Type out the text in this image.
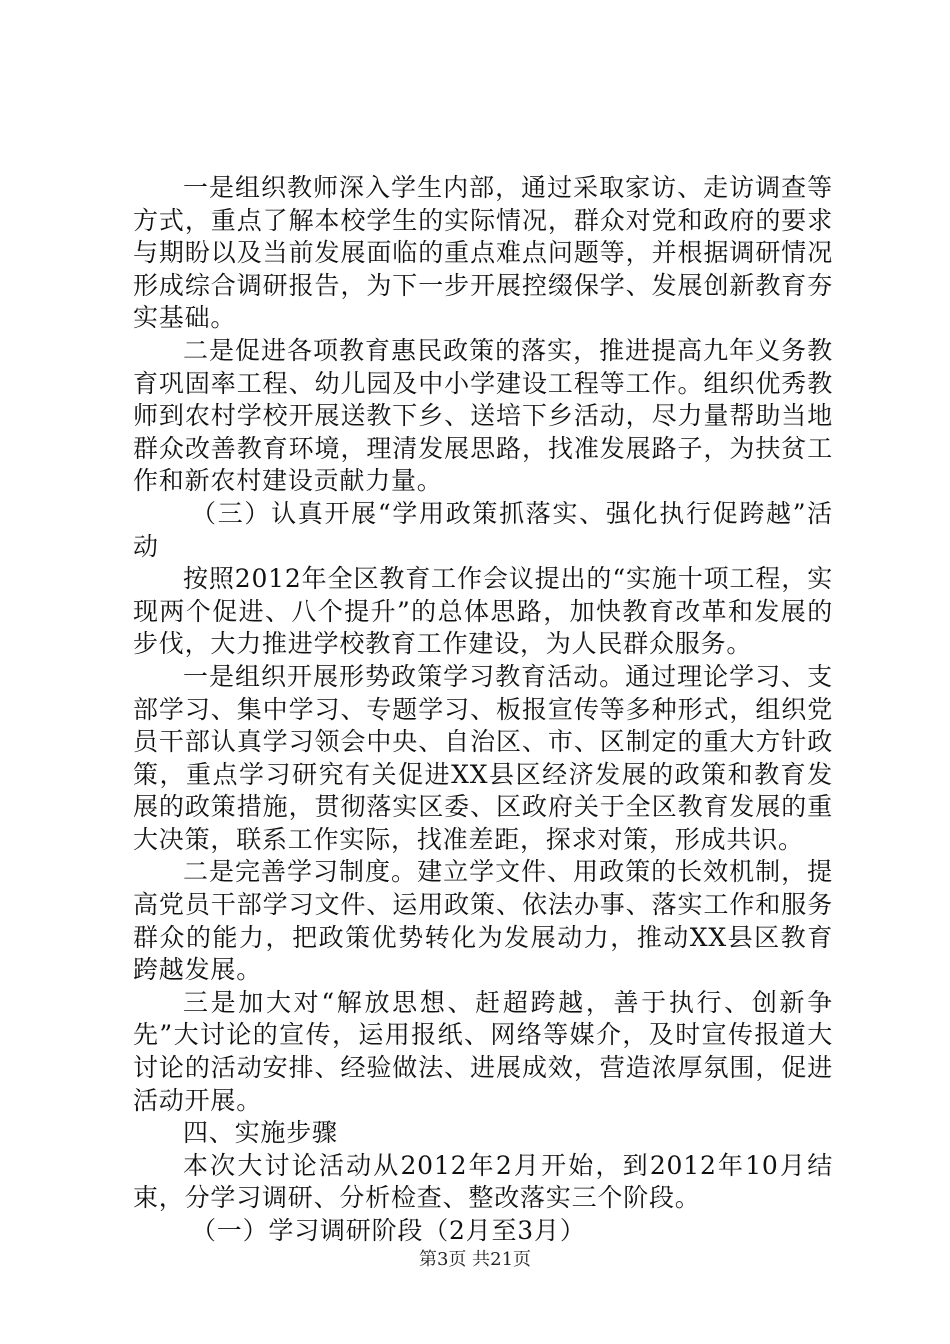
一是组织教师深入学生内部，通过采取家访、走访调查等方式，重点了解本校学生的实际情况，群众对党和政府的要求与期盼以及当前发展面临的重点难点问题等，并根据调研情况形成综合调研报告，为下一步开展控缀保学、发展创新教育夯实基础。

二是促进各项教育惠民政策的落实，推进提高九年义务教育巩固率工程、幼儿园及中小学建设工程等工作。组织优秀教师到农村学校开展送教下乡、送培下乡活动，尽力量帮助当地群众改善教育环境，理清发展思路，找准发展路子，为扶贫工作和新农村建设贡献力量。

（三）认真开展“学用政策抓落实、强化执行促跨越”活动

按照2012年全区教育工作会议提出的“实施十项工程，实现两个促进、八个提升”的总体思路，加快教育改革和发展的步伐，大力推进学校教育工作建设，为人民群众服务。

一是组织开展形势政策学习教育活动。通过理论学习、支部学习、集中学习、专题学习、板报宣传等多种形式，组织党员干部认真学习领会中央、自治区、市、区制定的重大方针政策，重点学习研究有关促进XX县区经济发展的政策和教育发展的政策措施，贯彻落实区委、区政府关于全区教育发展的重大决策，联系工作实际，找准差距，探求对策，形成共识。

二是完善学习制度。建立学文件、用政策的长效机制，提高党员干部学习文件、运用政策、依法办事、落实工作和服务群众的能力，把政策优势转化为发展动力，推动XX县区教育跨越发展。

三是加大对“解放思想、赶超跨越，善于执行、创新争先”大讨论的宣传，运用报纸、网络等媒介，及时宣传报道大讨论的活动安排、经验做法、进展成效，营造浓厚氛围，促进活动开展。

四、实施步骤

本次大讨论活动从2012年2月开始，到2012年10月结束，分学习调研、分析检查、整改落实三个阶段。

（一）学习调研阶段（2月至3月）

第3页 共21页
